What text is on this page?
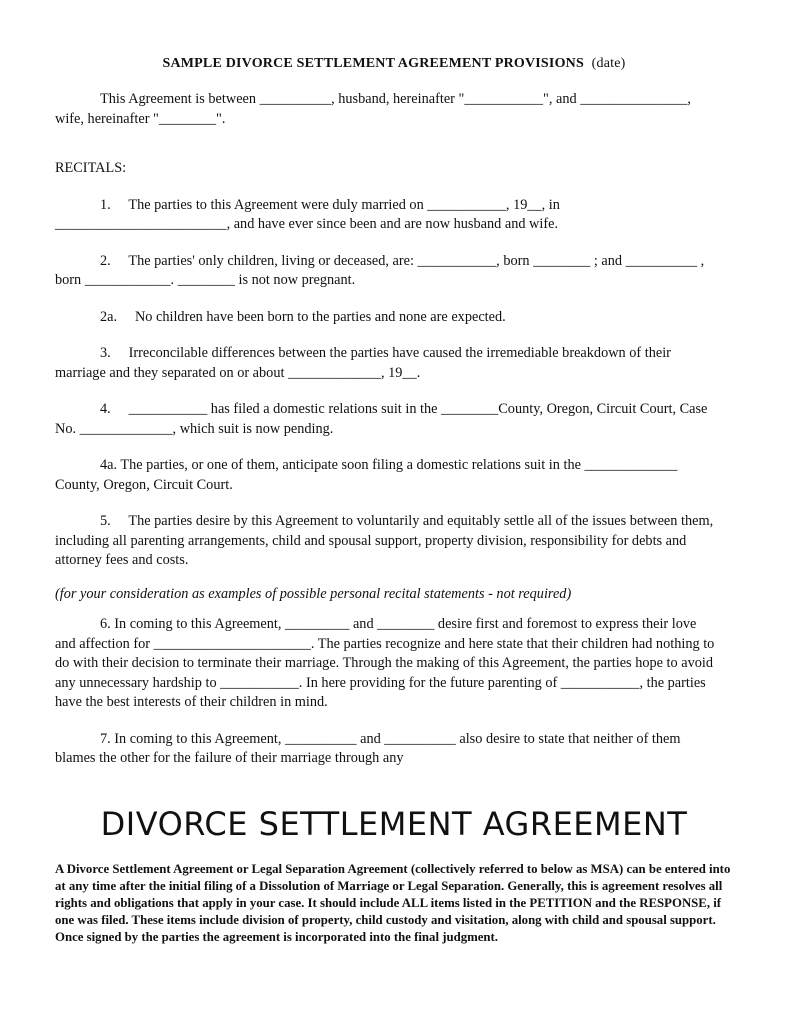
SAMPLE DIVORCE SETTLEMENT AGREEMENT PROVISIONS (date)

This Agreement is between __________, husband, hereinafter "___________", and _______________, wife, hereinafter "________".

RECITALS:

1.  The parties to this Agreement were duly married on ___________, 19__, in ________________________, and have ever since been and are now husband and wife.

2.  The parties' only children, living or deceased, are: ___________, born ________ ; and __________ , born ____________. ________ is not now pregnant.

2a.  No children have been born to the parties and none are expected.

3.  Irreconcilable differences between the parties have caused the irremediable breakdown of their marriage and they separated on or about _____________, 19__.

4.  ___________ has filed a domestic relations suit in the ________County, Oregon, Circuit Court, Case No. _____________, which suit is now pending.

4a. The parties, or one of them, anticipate soon filing a domestic relations suit in the _____________ County, Oregon, Circuit Court.

5.  The parties desire by this Agreement to voluntarily and equitably settle all of the issues between them, including all parenting arrangements, child and spousal support, property division, responsibility for debts and attorney fees and costs.

(for your consideration as examples of possible personal recital statements - not required)

6. In coming to this Agreement, _________ and ________ desire first and foremost to express their love and affection for ______________________. The parties recognize and here state that their children had nothing to do with their decision to terminate their marriage. Through the making of this Agreement, the parties hope to avoid any unnecessary hardship to ___________. In here providing for the future parenting of ___________, the parties have the best interests of their children in mind.

7. In coming to this Agreement, __________ and __________ also desire to state that neither of them blames the other for the failure of their marriage through any

DIVORCE SETTLEMENT AGREEMENT
A Divorce Settlement Agreement or Legal Separation Agreement (collectively referred to below as MSA) can be entered into at any time after the initial filing of a Dissolution of Marriage or Legal Separation. Generally, this is agreement resolves all rights and obligations that apply in your case. It should include ALL items listed in the PETITION and the RESPONSE, if one was filed. These items include division of property, child custody and visitation, along with child and spousal support. Once signed by the parties the agreement is incorporated into the final judgment.
